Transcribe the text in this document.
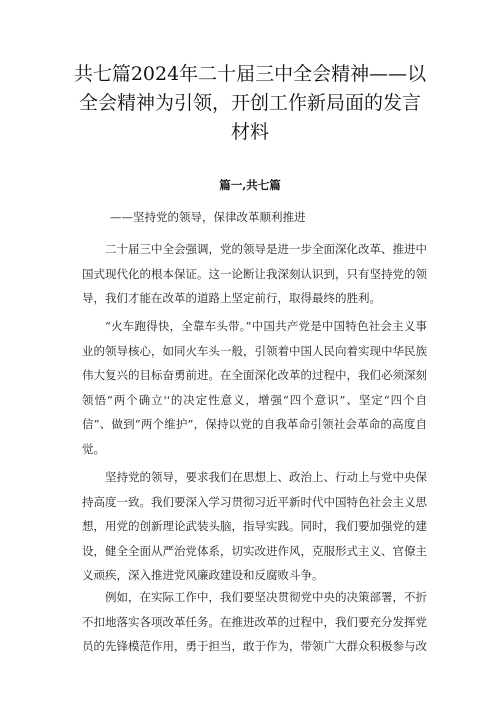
共七篇2024年二十届三中全会精神——以全会精神为引领，开创工作新局面的发言材料
篇一,共七篇

——坚持党的领导，保律改革顺利推进

二十届三中全会强调，党的领导是进一步全面深化改革、推进中国式现代化的根本保证。这一论断让我深刻认识到，只有坚持党的领导，我们才能在改革的道路上坚定前行，取得最终的胜利。

“火车跑得快，全靠车头带。”中国共产党是中国特色社会主义事业的领导核心，如同火车头一般，引领着中国人民向着实现中华民族伟大复兴的目标奋勇前进。在全面深化改革的过程中，我们必须深刻领悟“两个确立''的决定性意义，增强“四个意识”、坚定“四个自信”、做到“两个维护”，保持以党的自我革命引领社会革命的高度自觉。

坚持党的领导，要求我们在思想上、政治上、行动上与党中央保持高度一致。我们要深入学习贯彻习近平新时代中国特色社会主义思想，用党的创新理论武装头脑，指导实践。同时，我们要加强党的建设，健全全面从严治党体系，切实改进作风，克服形式主义、官僚主义顽疾，深入推进党风廉政建设和反腐败斗争。

例如，在实际工作中，我们要坚决贯彻党中央的决策部署，不折不扣地落实各项改革任务。在推进改革的过程中，我们要充分发挥党员的先锋模范作用，勇于担当，敢于作为，带领广大群众积极参与改
